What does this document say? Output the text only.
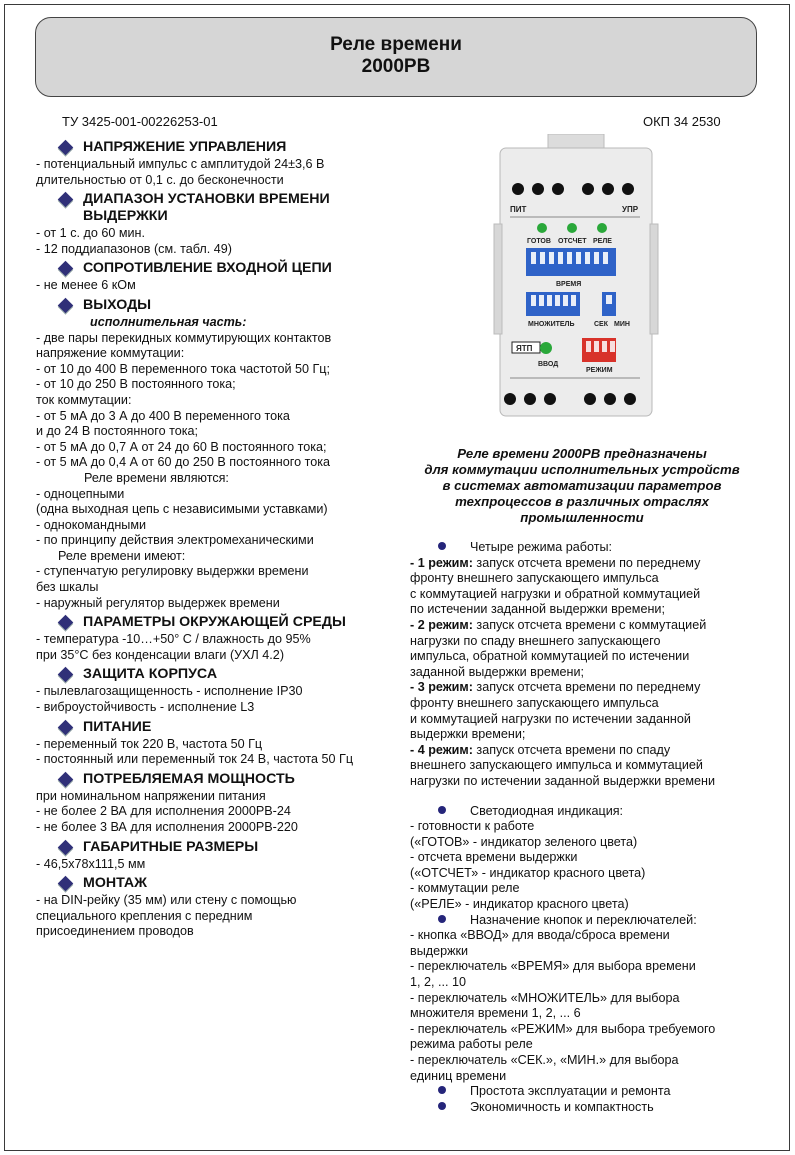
Реле времени
2000РВ
ТУ 3425-001-00226253-01	ОКП 34 2530
НАПРЯЖЕНИЕ УПРАВЛЕНИЯ
- потенциальный импульс с амплитудой 24±3,6 В
длительностью от 0,1 с. до бесконечности
ДИАПАЗОН УСТАНОВКИ ВРЕМЕНИ ВЫДЕРЖКИ
- от 1 с. до 60 мин.
- 12 поддиапазонов (см. табл. 49)
СОПРОТИВЛЕНИЕ ВХОДНОЙ ЦЕПИ
- не менее 6 кОм
ВЫХОДЫ
исполнительная часть:
- две пары перекидных коммутирующих контактов
напряжение коммутации:
- от 10 до 400 В переменного тока частотой 50 Гц;
- от 10 до 250 В постоянного тока;
ток коммутации:
- от 5 мА до 3 А до 400 В переменного тока
и до 24 В постоянного тока;
- от 5 мА до 0,7 А от 24 до 60 В постоянного тока;
- от 5 мА до 0,4 А от 60 до 250 В постоянного тока
Реле времени являются:
- одноцепными
(одна выходная цепь с независимыми уставками)
- однокомандными
- по принципу действия электромеханическими
Реле времени имеют:
- ступенчатую регулировку выдержки времени
без шкалы
- наружный регулятор выдержек времени
ПАРАМЕТРЫ ОКРУЖАЮЩЕЙ СРЕДЫ
- температура -10…+50° С / влажность до 95%
при 35°С без конденсации влаги (УХЛ 4.2)
ЗАЩИТА КОРПУСА
- пылевлагозащищенность - исполнение IP30
- виброустойчивость - исполнение L3
ПИТАНИЕ
- переменный ток 220 В, частота 50 Гц
- постоянный или переменный ток 24 В, частота 50 Гц
ПОТРЕБЛЯЕМАЯ МОЩНОСТЬ
при номинальном напряжении питания
- не более 2 ВА для исполнения 2000РВ-24
- не более 3 ВА для исполнения 2000РВ-220
ГАБАРИТНЫЕ РАЗМЕРЫ
- 46,5х78х111,5 мм
МОНТАЖ
- на DIN-рейку (35 мм) или стену с помощью
специального крепления с передним
присоединением проводов
ПИТ	УПР
ГОТОВ ОТСЧЕТ РЕЛЕ
ВРЕМЯ
МНОЖИТЕЛЬ	СЕК МИН
ЯТП
ВВОД
РЕЖИМ
Реле времени 2000РВ предназначены
для коммутации исполнительных устройств
в системах автоматизации параметров
техпроцессов в различных отраслях
промышленности
Четыре режима работы:
- 1 режим: запуск отсчета времени по переднему
фронту внешнего запускающего импульса
с коммутацией нагрузки и обратной коммутацией
по истечении заданной выдержки времени;
- 2 режим: запуск отсчета времени с коммутацией
нагрузки по спаду внешнего запускающего
импульса, обратной коммутацией по истечении
заданной выдержки времени;
- 3 режим: запуск отсчета времени по переднему
фронту внешнего запускающего импульса
и коммутацией нагрузки по истечении заданной
выдержки времени;
- 4 режим: запуск отсчета времени по спаду
внешнего запускающего импульса и коммутацией
нагрузки по истечении заданной выдержки времени
Светодиодная индикация:
- готовности к работе
(«ГОТОВ» - индикатор зеленого цвета)
- отсчета времени выдержки
(«ОТСЧЕТ» - индикатор красного цвета)
- коммутации реле
(«РЕЛЕ» - индикатор красного цвета)
Назначение кнопок и переключателей:
- кнопка «ВВОД» для ввода/сброса времени
выдержки
- переключатель «ВРЕМЯ» для выбора времени
1, 2, ... 10
- переключатель «МНОЖИТЕЛЬ» для выбора
множителя времени 1, 2, ... 6
- переключатель «РЕЖИМ» для выбора требуемого
режима работы реле
- переключатель «СЕК.», «МИН.» для выбора
единиц времени
Простота эксплуатации и ремонта
Экономичность и компактность
